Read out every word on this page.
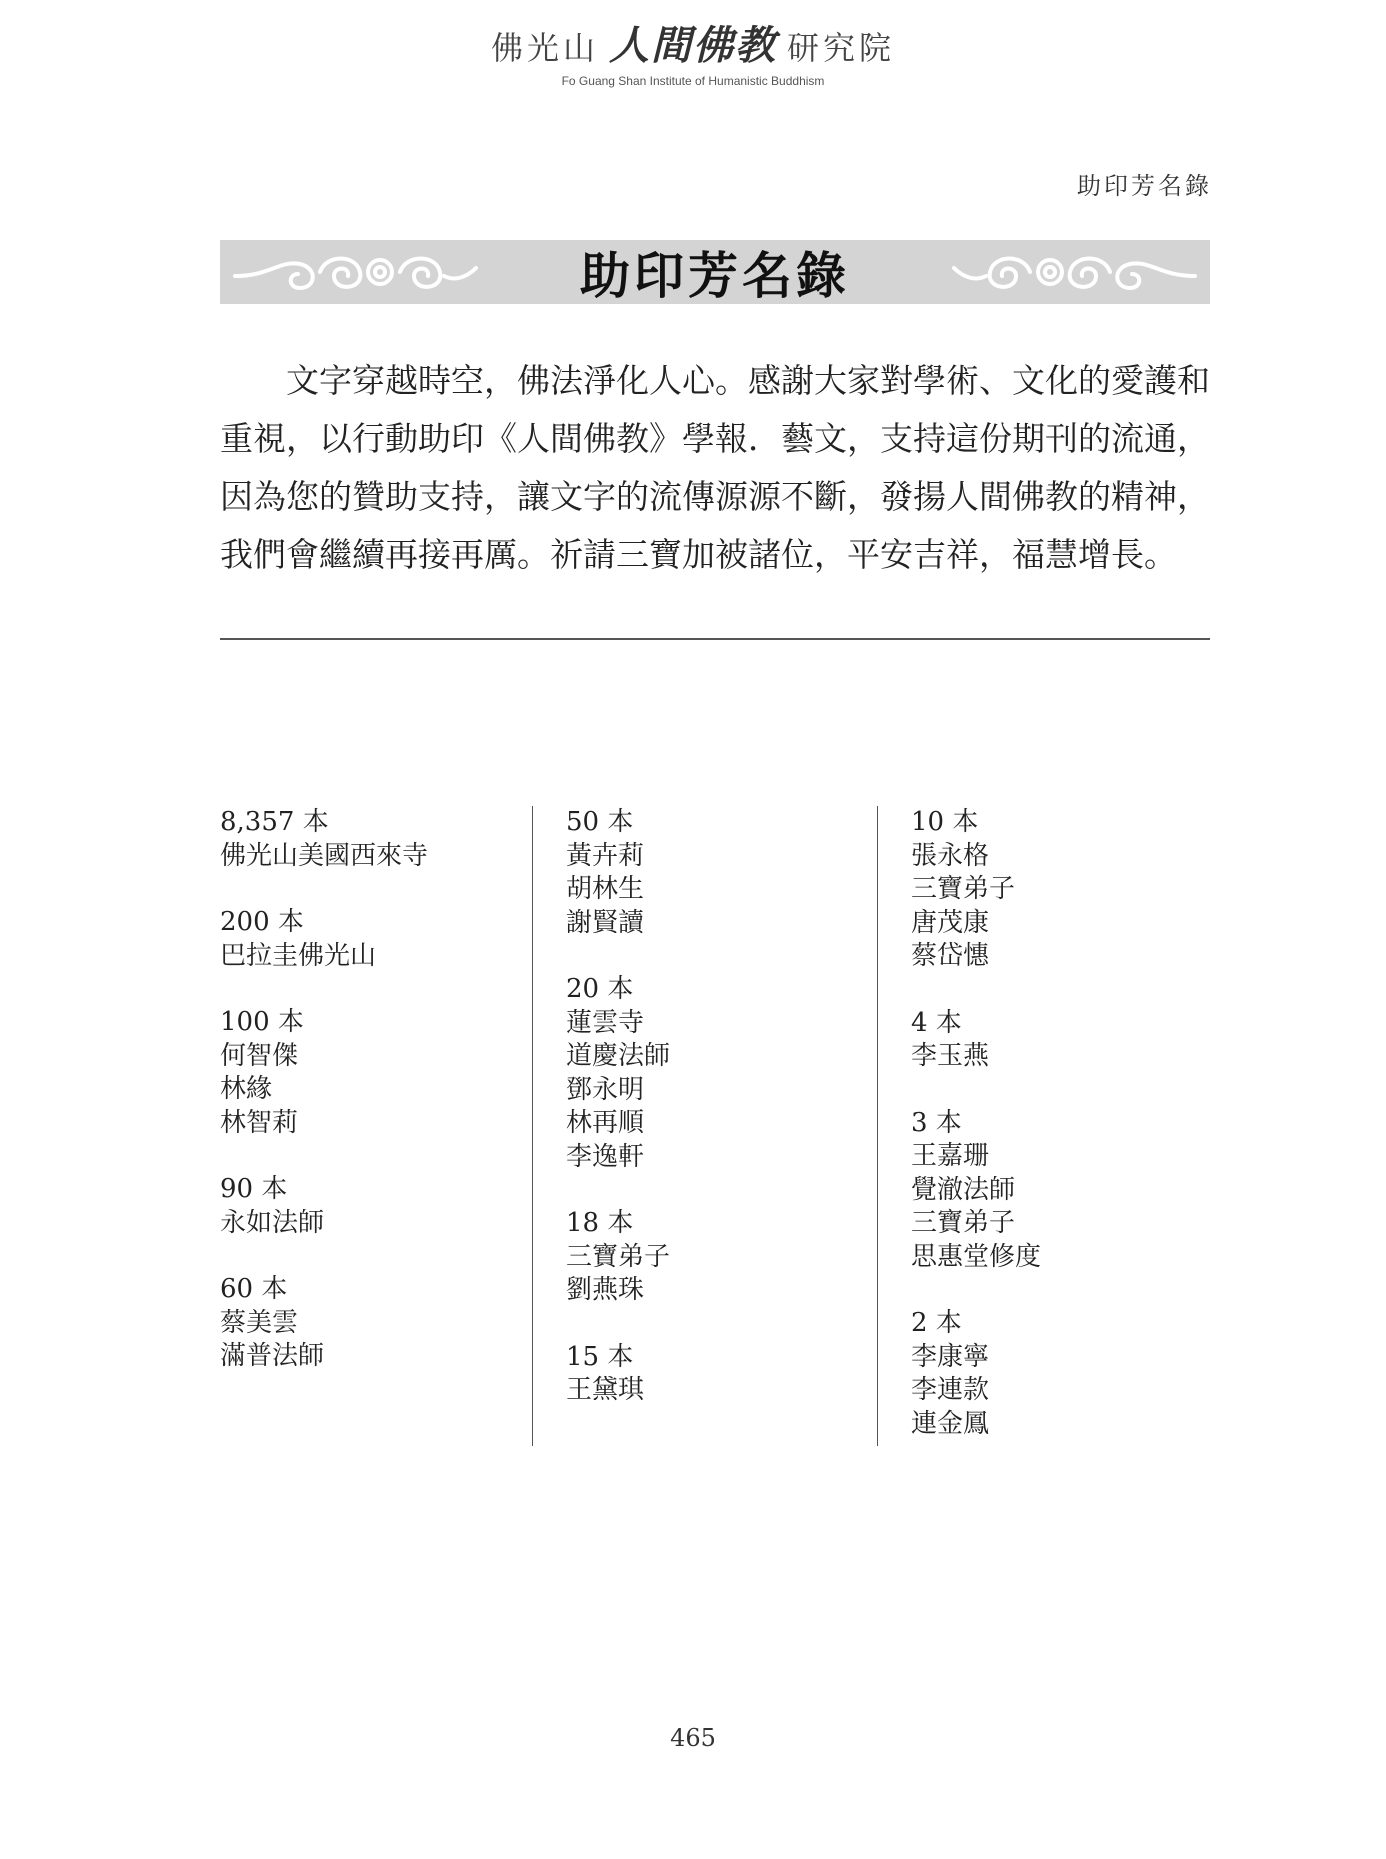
佛光山 人間佛教 研究院
Fo Guang Shan Institute of Humanistic Buddhism
助印芳名錄
助印芳名錄

文字穿越時空，佛法淨化人心。感謝大家對學術、文化的愛護和重視，以行動助印《人間佛教》學報．藝文，支持這份期刊的流通，因為您的贊助支持，讓文字的流傳源源不斷，發揚人間佛教的精神，我們會繼續再接再厲。祈請三寶加被諸位，平安吉祥，福慧增長。

8,357 本
佛光山美國西來寺
200 本
巴拉圭佛光山
100 本
何智傑
林緣
林智莉
90 本
永如法師
60 本
蔡美雲
滿普法師
50 本
黃卉莉
胡林生
謝賢讀
20 本
蓮雲寺
道慶法師
鄧永明
林再順
李逸軒
18 本
三寶弟子
劉燕珠
15 本
王黛琪
10 本
張永格
三寶弟子
唐茂康
蔡岱憓
4 本
李玉燕
3 本
王嘉珊
覺澈法師
三寶弟子
思惠堂修度
2 本
李康寧
李連款
連金鳳
465
